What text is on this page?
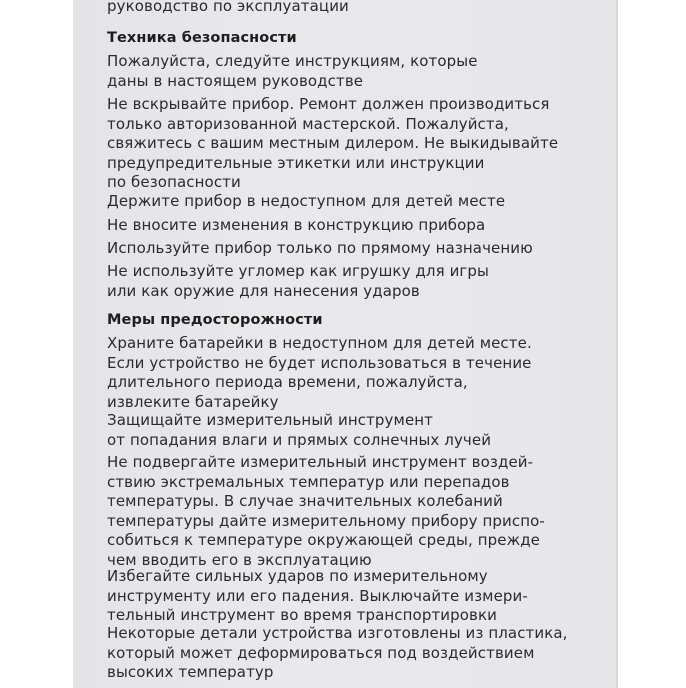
руководство по эксплуатации
Техника безопасности
Пожалуйста, следуйте инструкциям, которые
даны в настоящем руководстве
Не вскрывайте прибор. Ремонт должен производиться
только авторизованной мастерской. Пожалуйста,
свяжитесь с вашим местным дилером. Не выкидывайте
предупредительные этикетки или инструкции
по безопасности
Держите прибор в недоступном для детей месте
Не вносите изменения в конструкцию прибора
Используйте прибор только по прямому назначению
Не используйте угломер как игрушку для игры
или как оружие для нанесения ударов
Меры предосторожности
Храните батарейки в недоступном для детей месте.
Если устройство не будет использоваться в течение
длительного периода времени, пожалуйста,
извлеките батарейку
Защищайте измерительный инструмент
от попадания влаги и прямых солнечных лучей
Не подвергайте измерительный инструмент воздей-
ствию экстремальных температур или перепадов
температуры. В случае значительных колебаний
температуры дайте измерительному прибору приспо-
собиться к температуре окружающей среды, прежде
чем вводить его в эксплуатацию
Избегайте сильных ударов по измерительному
инструменту или его падения. Выключайте измери-
тельный инструмент во время транспортировки
Некоторые детали устройства изготовлены из пластика,
который может деформироваться под воздействием
высоких температур
